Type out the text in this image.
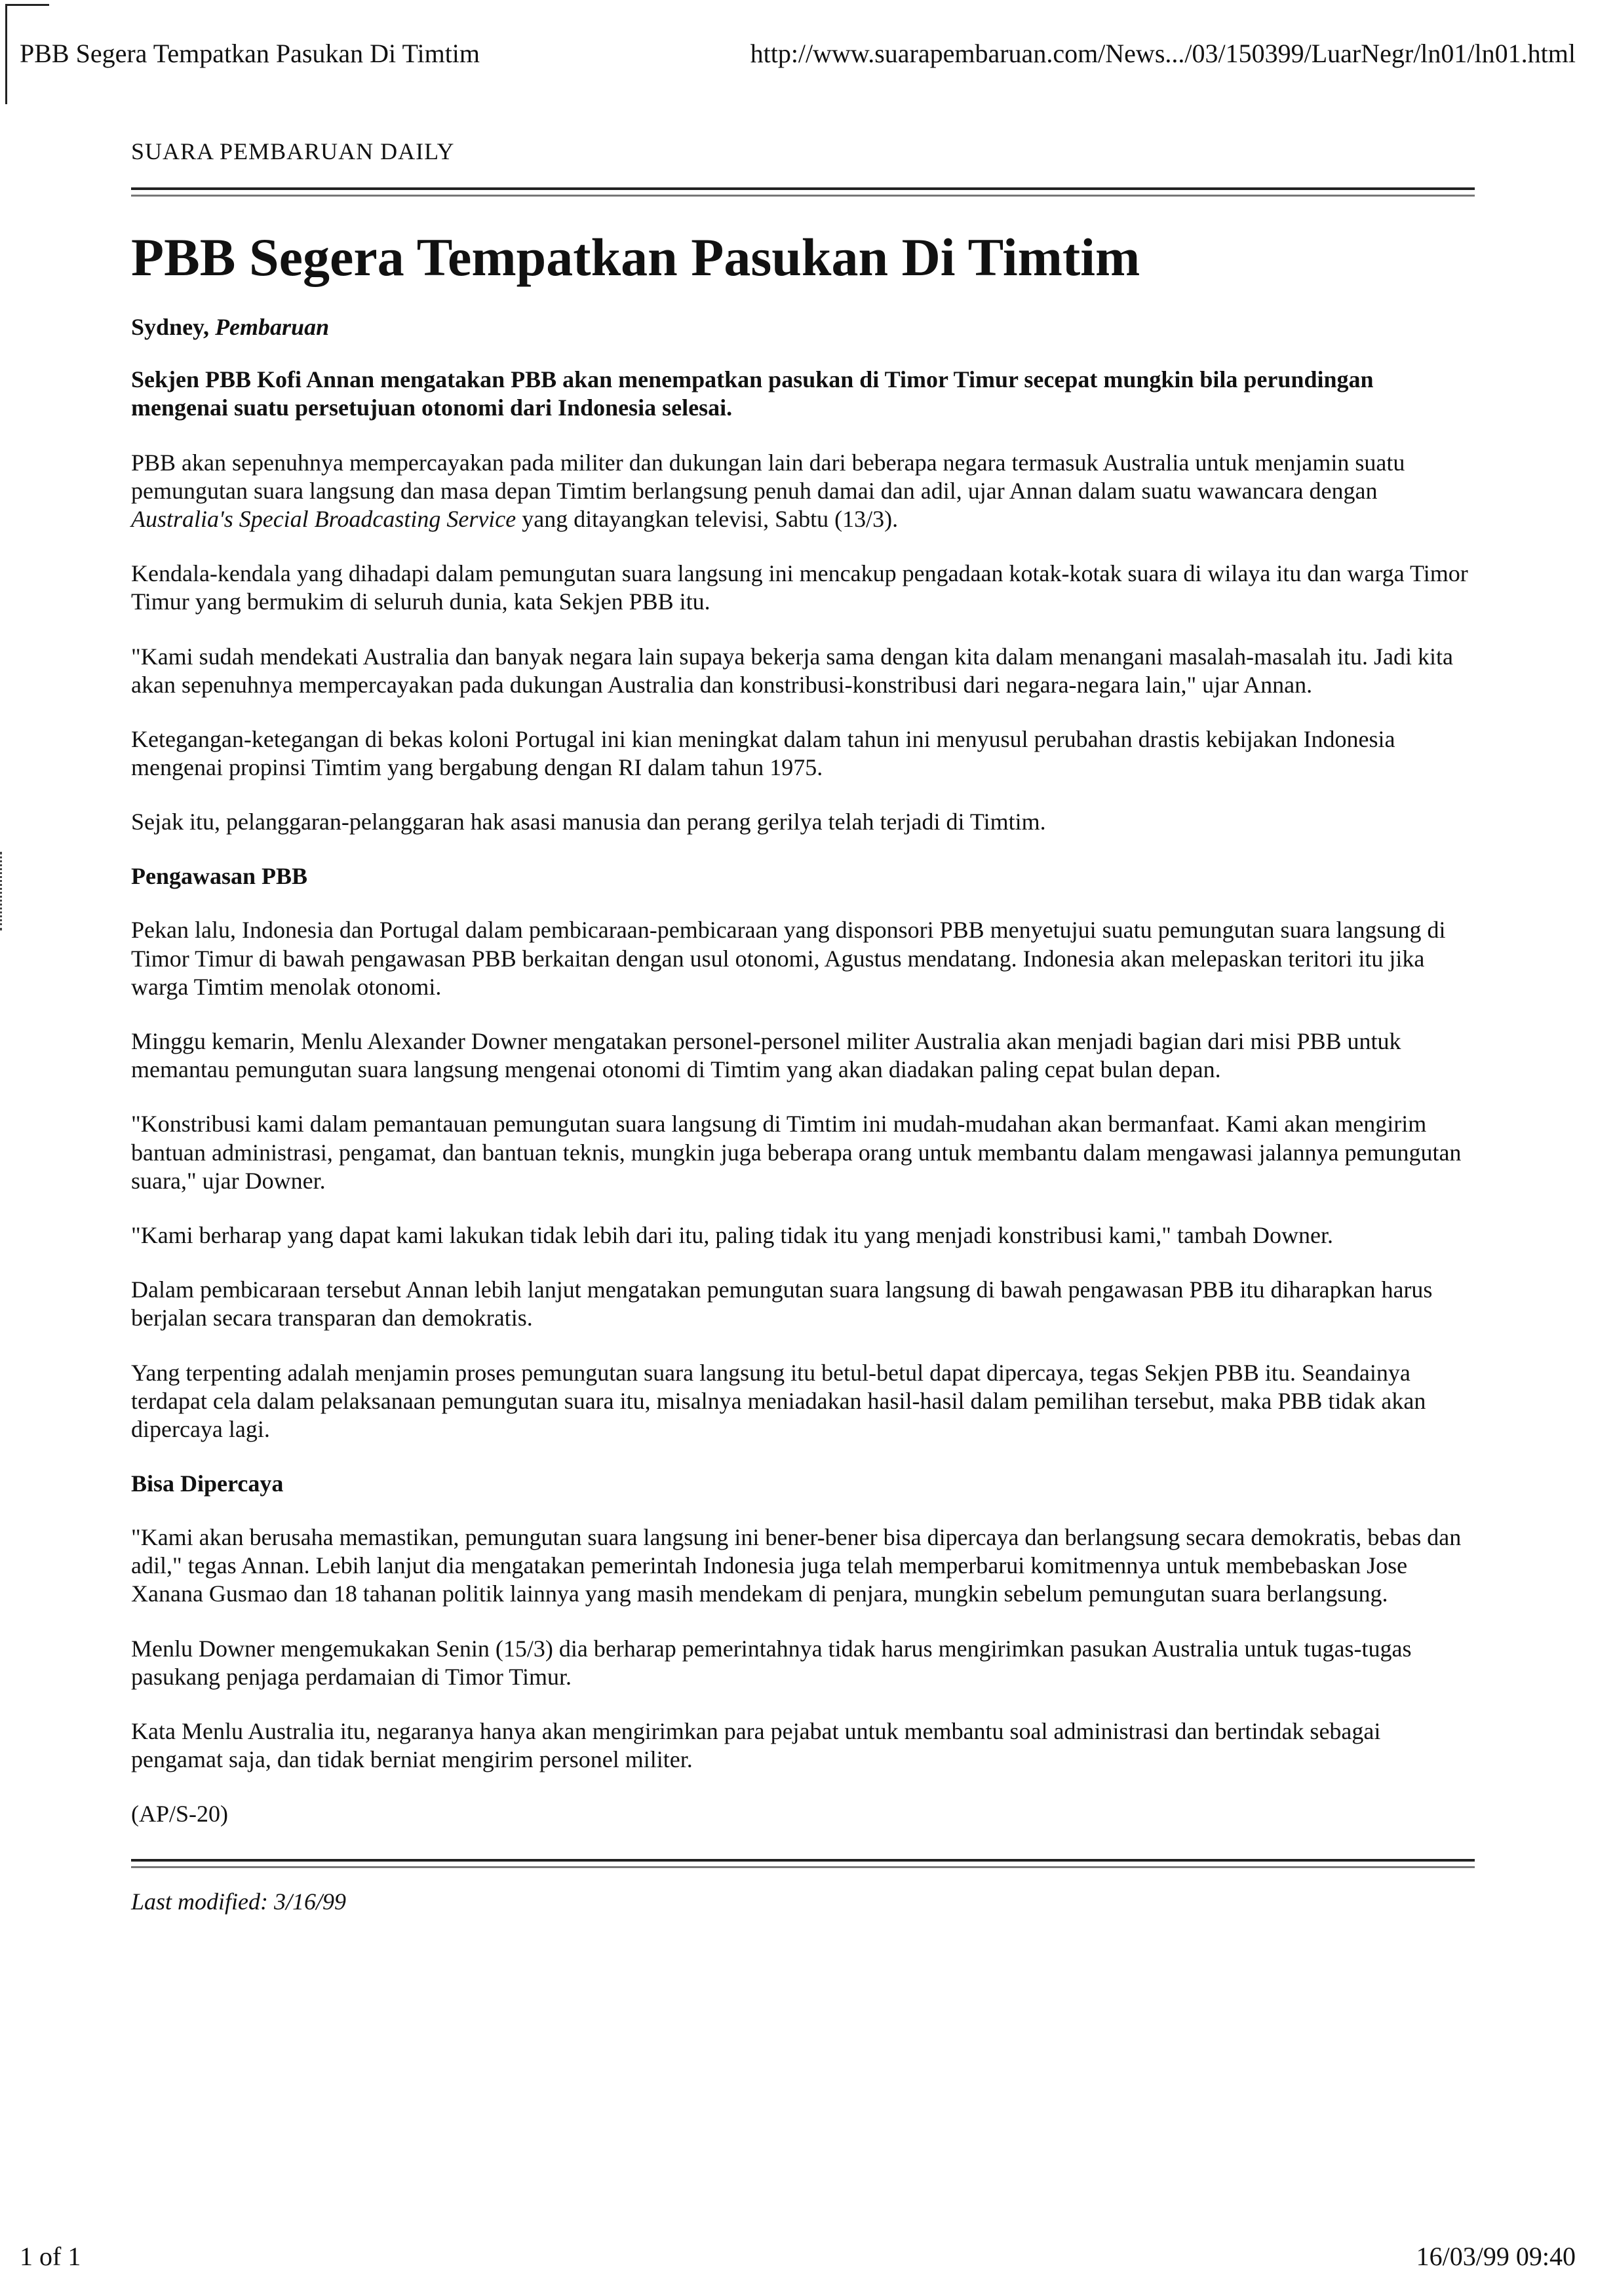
PBB Segera Tempatkan Pasukan Di Timtim	http://www.suarapembaruan.com/News.../03/150399/LuarNegr/ln01/ln01.html
SUARA PEMBARUAN DAILY
PBB Segera Tempatkan Pasukan Di Timtim
Sydney, Pembaruan

Sekjen PBB Kofi Annan mengatakan PBB akan menempatkan pasukan di Timor Timur secepat mungkin bila perundingan mengenai suatu persetujuan otonomi dari Indonesia selesai.

PBB akan sepenuhnya mempercayakan pada militer dan dukungan lain dari beberapa negara termasuk Australia untuk menjamin suatu pemungutan suara langsung dan masa depan Timtim berlangsung penuh damai dan adil, ujar Annan dalam suatu wawancara dengan Australia's Special Broadcasting Service yang ditayangkan televisi, Sabtu (13/3).

Kendala-kendala yang dihadapi dalam pemungutan suara langsung ini mencakup pengadaan kotak-kotak suara di wilaya itu dan warga Timor Timur yang bermukim di seluruh dunia, kata Sekjen PBB itu.

"Kami sudah mendekati Australia dan banyak negara lain supaya bekerja sama dengan kita dalam menangani masalah-masalah itu. Jadi kita akan sepenuhnya mempercayakan pada dukungan Australia dan konstribusi-konstribusi dari negara-negara lain," ujar Annan.

Ketegangan-ketegangan di bekas koloni Portugal ini kian meningkat dalam tahun ini menyusul perubahan drastis kebijakan Indonesia mengenai propinsi Timtim yang bergabung dengan RI dalam tahun 1975.

Sejak itu, pelanggaran-pelanggaran hak asasi manusia dan perang gerilya telah terjadi di Timtim.

Pengawasan PBB

Pekan lalu, Indonesia dan Portugal dalam pembicaraan-pembicaraan yang disponsori PBB menyetujui suatu pemungutan suara langsung di Timor Timur di bawah pengawasan PBB berkaitan dengan usul otonomi, Agustus mendatang. Indonesia akan melepaskan teritori itu jika warga Timtim menolak otonomi.

Minggu kemarin, Menlu Alexander Downer mengatakan personel-personel militer Australia akan menjadi bagian dari misi PBB untuk memantau pemungutan suara langsung mengenai otonomi di Timtim yang akan diadakan paling cepat bulan depan.

"Konstribusi kami dalam pemantauan pemungutan suara langsung di Timtim ini mudah-mudahan akan bermanfaat. Kami akan mengirim bantuan administrasi, pengamat, dan bantuan teknis, mungkin juga beberapa orang untuk membantu dalam mengawasi jalannya pemungutan suara," ujar Downer.

"Kami berharap yang dapat kami lakukan tidak lebih dari itu, paling tidak itu yang menjadi konstribusi kami," tambah Downer.

Dalam pembicaraan tersebut Annan lebih lanjut mengatakan pemungutan suara langsung di bawah pengawasan PBB itu diharapkan harus berjalan secara transparan dan demokratis.

Yang terpenting adalah menjamin proses pemungutan suara langsung itu betul-betul dapat dipercaya, tegas Sekjen PBB itu. Seandainya terdapat cela dalam pelaksanaan pemungutan suara itu, misalnya meniadakan hasil-hasil dalam pemilihan tersebut, maka PBB tidak akan dipercaya lagi.

Bisa Dipercaya

"Kami akan berusaha memastikan, pemungutan suara langsung ini bener-bener bisa dipercaya dan berlangsung secara demokratis, bebas dan adil," tegas Annan. Lebih lanjut dia mengatakan pemerintah Indonesia juga telah memperbarui komitmennya untuk membebaskan Jose Xanana Gusmao dan 18 tahanan politik lainnya yang masih mendekam di penjara, mungkin sebelum pemungutan suara berlangsung.

Menlu Downer mengemukakan Senin (15/3) dia berharap pemerintahnya tidak harus mengirimkan pasukan Australia untuk tugas-tugas pasukang penjaga perdamaian di Timor Timur.

Kata Menlu Australia itu, negaranya hanya akan mengirimkan para pejabat untuk membantu soal administrasi dan bertindak sebagai pengamat saja, dan tidak berniat mengirim personel militer.

(AP/S-20)
Last modified: 3/16/99
1 of 1	16/03/99 09:40
